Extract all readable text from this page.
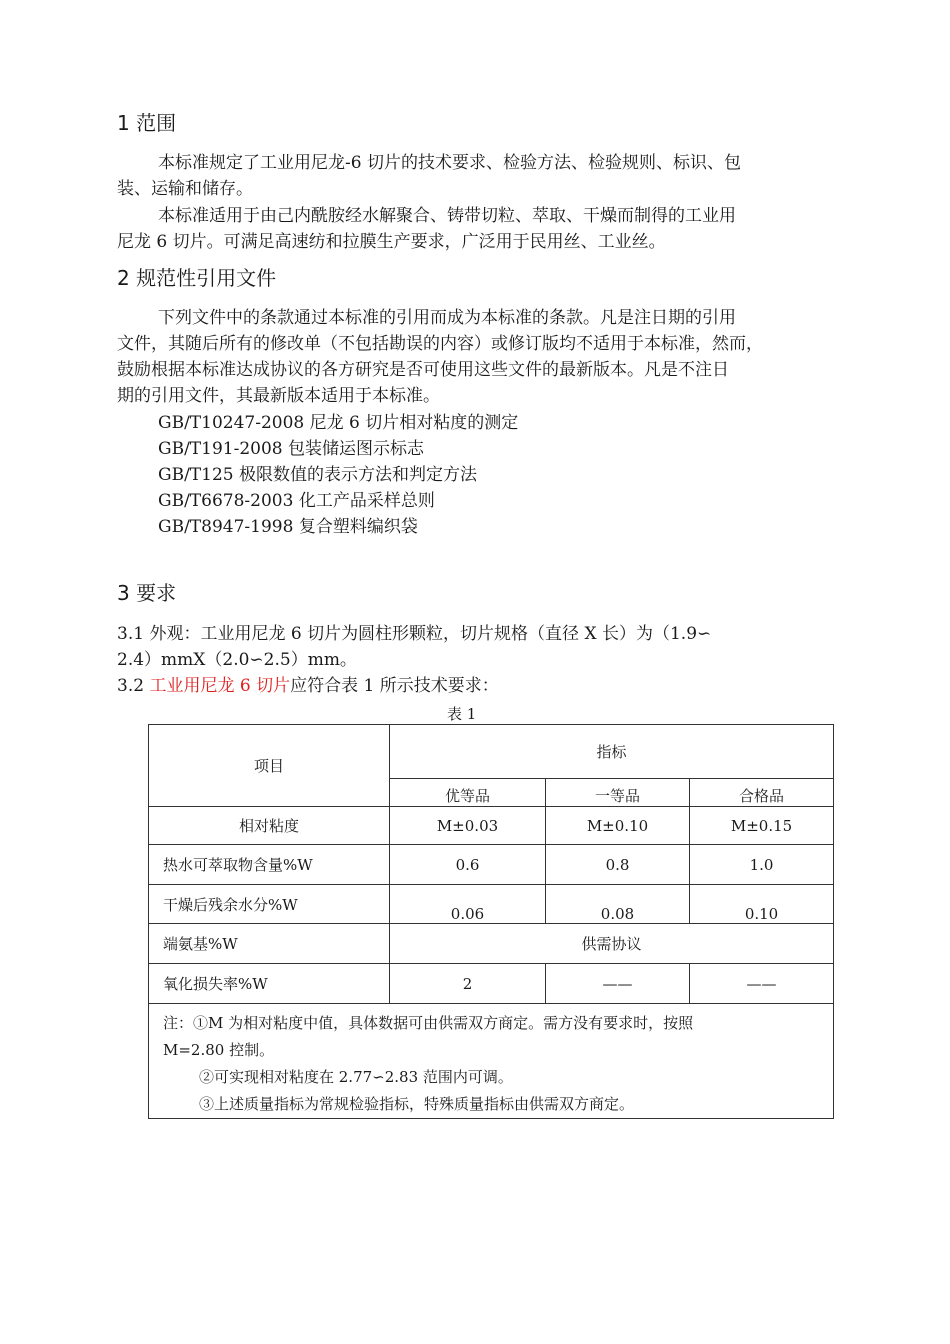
1 范围
本标准规定了工业用尼龙-6 切片的技术要求、检验方法、检验规则、标识、包
装、运输和储存。
本标准适用于由己内酰胺经水解聚合、铸带切粒、萃取、干燥而制得的工业用
尼龙 6 切片。可满足高速纺和拉膜生产要求，广泛用于民用丝、工业丝。
2 规范性引用文件
下列文件中的条款通过本标准的引用而成为本标准的条款。凡是注日期的引用
文件，其随后所有的修改单（不包括勘误的内容）或修订版均不适用于本标准，然而，
鼓励根据本标准达成协议的各方研究是否可使用这些文件的最新版本。凡是不注日
期的引用文件，其最新版本适用于本标准。
GB/T10247-2008 尼龙 6 切片相对粘度的测定
GB/T191-2008 包装储运图示标志
GB/T125 极限数值的表示方法和判定方法
GB/T6678-2003 化工产品采样总则
GB/T8947-1998 复合塑料编织袋
3 要求
3.1 外观：工业用尼龙 6 切片为圆柱形颗粒，切片规格（直径 X 长）为（1.9∽
2.4）mmX（2.0∽2.5）mm。
3.2 工业用尼龙 6 切片应符合表 1 所示技术要求：
表 1
项目	指标		
	优等品	一等品	合格品
相对粘度	M±0.03	M±0.10	M±0.15
热水可萃取物含量%W	0.6	0.8	1.0
干燥后残余水分%W	0.06	0.08	0.10
端氨基%W	供需协议		
氧化损失率%W	2	——	——

注：①M 为相对粘度中值，具体数据可由供需双方商定。需方没有要求时，按照
M=2.80 控制。
②可实现相对粘度在 2.77∽2.83 范围内可调。
③上述质量指标为常规检验指标，特殊质量指标由供需双方商定。			
